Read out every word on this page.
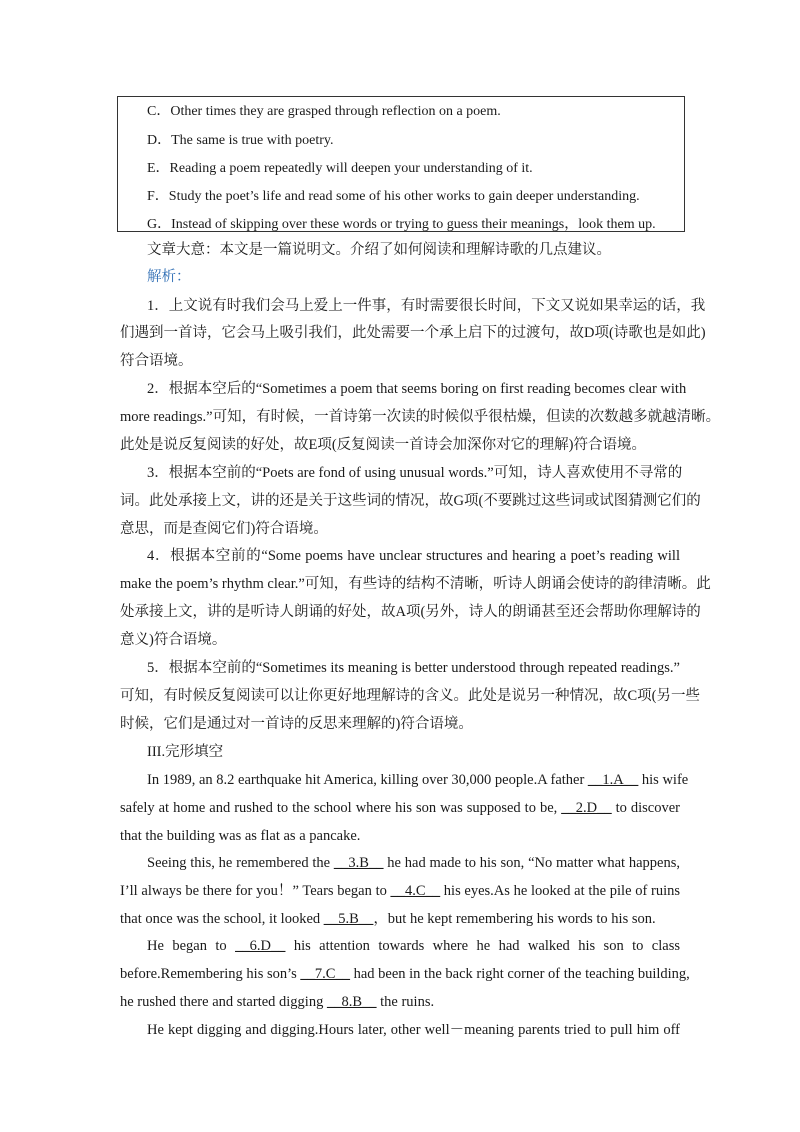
C．Other times they are grasped through reflection on a poem.
D．The same is true with poetry.
E．Reading a poem repeatedly will deepen your understanding of it.
F．Study the poet’s life and read some of his other works to gain deeper understanding.
G．Instead of skipping over these words or trying to guess their meanings，look them up.
文章大意：本文是一篇说明文。介绍了如何阅读和理解诗歌的几点建议。
解析：
1．上文说有时我们会马上爱上一件事，有时需要很长时间，下文又说如果幸运的话，我
们遇到一首诗，它会马上吸引我们，此处需要一个承上启下的过渡句，故D项(诗歌也是如此)
符合语境。
2．根据本空后的“Sometimes a poem that seems boring on first reading becomes clear with
more readings.”可知，有时候，一首诗第一次读的时候似乎很枯燥，但读的次数越多就越清晰。
此处是说反复阅读的好处，故E项(反复阅读一首诗会加深你对它的理解)符合语境。
3．根据本空前的“Poets are fond of using unusual words.”可知，诗人喜欢使用不寻常的
词。此处承接上文，讲的还是关于这些词的情况，故G项(不要跳过这些词或试图猜测它们的
意思，而是查阅它们)符合语境。
4．根据本空前的“Some poems have unclear structures and hearing a poet’s reading will
make the poem’s rhythm clear.”可知，有些诗的结构不清晰，听诗人朗诵会使诗的韵律清晰。此
处承接上文，讲的是听诗人朗诵的好处，故A项(另外，诗人的朗诵甚至还会帮助你理解诗的
意义)符合语境。
5．根据本空前的“Sometimes its meaning is better understood through repeated readings.”
可知，有时候反复阅读可以让你更好地理解诗的含义。此处是说另一种情况，故C项(另一些
时候，它们是通过对一首诗的反思来理解的)符合语境。
III.完形填空
In 1989, an 8.2 earthquake hit America, killing over 30,000 people.A father __1.A__ his wife
safely at home and rushed to the school where his son was supposed to be, __2.D__ to discover
that the building was as flat as a pancake.
Seeing this, he remembered the __3.B__ he had made to his son, “No matter what happens,
I’ll always be there for you！” Tears began to __4.C__ his eyes.As he looked at the pile of ruins
that once was the school, it looked __5.B__，but he kept remembering his words to his son.
He began to __6.D__ his attention towards where he had walked his son to class
before.Remembering his son’s __7.C__ had been in the back right corner of the teaching building,
he rushed there and started digging __8.B__ the ruins.
He kept digging and digging.Hours later, other well－meaning parents tried to pull him off
